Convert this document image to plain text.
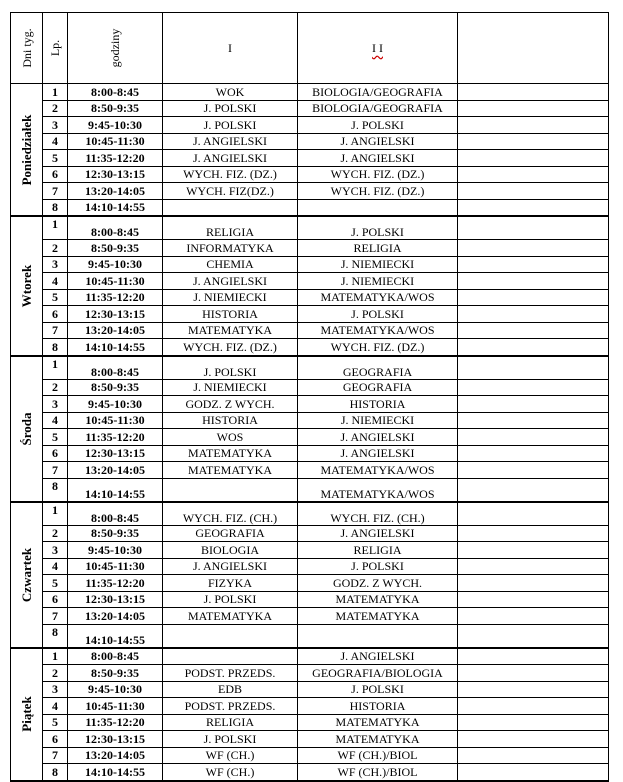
Dni tyg.	Lp.	godziny	I	I I	

Poniedziałek	1	8:00-8:45	WOK	BIOLOGIA/GEOGRAFIA	
	2	8:50-9:35	J. POLSKI	BIOLOGIA/GEOGRAFIA	
	3	9:45-10:30	J. POLSKI	J. POLSKI	
	4	10:45-11:30	J. ANGIELSKI	J. ANGIELSKI	
	5	11:35-12:20	J. ANGIELSKI	J. ANGIELSKI	
	6	12:30-13:15	WYCH. FIZ. (DZ.)	WYCH. FIZ. (DZ.)	
	7	13:20-14:05	WYCH. FIZ(DZ.)	WYCH. FIZ. (DZ.)	
	8	14:10-14:55			

Wtorek	1	8:00-8:45	RELIGIA	J. POLSKI	
	2	8:50-9:35	INFORMATYKA	RELIGIA	
	3	9:45-10:30	CHEMIA	J. NIEMIECKI	
	4	10:45-11:30	J. ANGIELSKI	J. NIEMIECKI	
	5	11:35-12:20	J. NIEMIECKI	MATEMATYKA/WOS	
	6	12:30-13:15	HISTORIA	J. POLSKI	
	7	13:20-14:05	MATEMATYKA	MATEMATYKA/WOS	
	8	14:10-14:55	WYCH. FIZ. (DZ.)	WYCH. FIZ. (DZ.)	

Środa	1	8:00-8:45	J. POLSKI	GEOGRAFIA	
	2	8:50-9:35	J. NIEMIECKI	GEOGRAFIA	
	3	9:45-10:30	GODZ. Z WYCH.	HISTORIA	
	4	10:45-11:30	HISTORIA	J. NIEMIECKI	
	5	11:35-12:20	WOS	J. ANGIELSKI	
	6	12:30-13:15	MATEMATYKA	J. ANGIELSKI	
	7	13:20-14:05	MATEMATYKA	MATEMATYKA/WOS	
	8	14:10-14:55		MATEMATYKA/WOS	

Czwartek	1	8:00-8:45	WYCH. FIZ. (CH.)	WYCH. FIZ. (CH.)	
	2	8:50-9:35	GEOGRAFIA	J. ANGIELSKI	
	3	9:45-10:30	BIOLOGIA	RELIGIA	
	4	10:45-11:30	J. ANGIELSKI	J. POLSKI	
	5	11:35-12:20	FIZYKA	GODZ. Z WYCH.	
	6	12:30-13:15	J. POLSKI	MATEMATYKA	
	7	13:20-14:05	MATEMATYKA	MATEMATYKA	
	8	14:10-14:55			

Piątek	1	8:00-8:45		J. ANGIELSKI	
	2	8:50-9:35	PODST. PRZEDS.	GEOGRAFIA/BIOLOGIA	
	3	9:45-10:30	EDB	J. POLSKI	
	4	10:45-11:30	PODST. PRZEDS.	HISTORIA	
	5	11:35-12:20	RELIGIA	MATEMATYKA	
	6	12:30-13:15	J. POLSKI	MATEMATYKA	
	7	13:20-14:05	WF (CH.)	WF (CH.)/BIOL	
	8	14:10-14:55	WF (CH.)	WF (CH.)/BIOL	
